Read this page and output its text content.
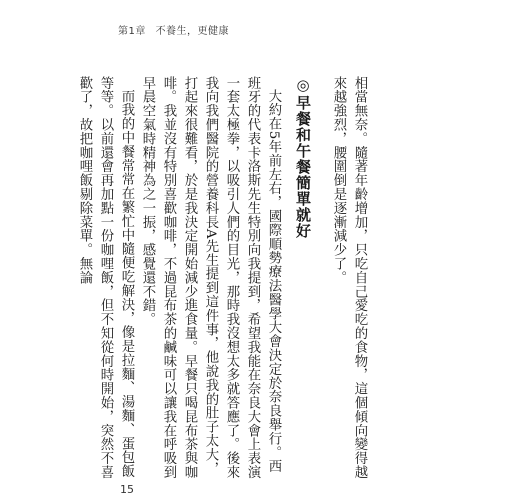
第1章 不養生，更健康

相當無奈。隨著年齡增加，只吃自己愛吃的食物，這個傾向變得越來越強烈，腰圍倒是逐漸減少了。

◎早餐和午餐簡單就好

大約在5年前左右，國際順勢療法醫學大會決定於奈良舉行。西班牙的代表卡洛斯先生特別向我提到，希望我能在奈良大會上表演一套太極拳，以吸引人們的目光，那時我沒想太多就答應了。後來我向我們醫院的營養科長A先生提到這件事，他說我的肚子太大，打起來很難看，於是我決定開始減少進食量。早餐只喝昆布茶與咖啡。我並沒有特別喜歡咖啡，不過昆布茶的鹹味可以讓我在呼吸到早晨空氣時精神為之一振，感覺還不錯。

而我的中餐常常在繁忙中隨便吃解決，像是拉麵、湯麵、蛋包飯等等。以前還會再加點一份咖哩飯，但不知從何時開始，突然不喜歡了，故把咖哩飯剔除菜單。無論

15
